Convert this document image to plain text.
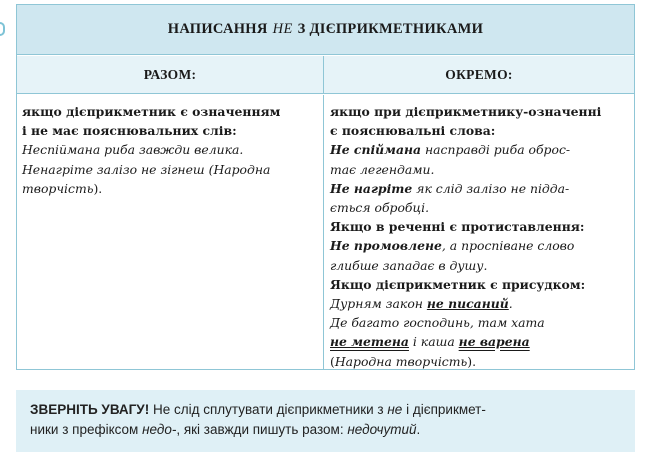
НАПИСАННЯ НЕ З ДІЄПРИКМЕТНИКАМИ
РАЗОМ:	ОКРЕМО:
якщо дієприкметник є означенням
і не має пояснювальних слів:
Неспіймана риба завжди велика.
Ненагріте залізо не зігнеш (Народна
творчість).
якщо при дієприкметнику-означенні
є пояснювальні слова:
Не спіймана насправді риба оброс-
тає легендами.
Не нагріте як слід залізо не підда-
ється обробці.
Якщо в реченні є протиставлення:
Не промовлене, а проспіване слово
глибше западає в душу.
Якщо дієприкметник є присудком:
Дурням закон не писаний.
Де багато господинь, там хата
не метена і каша не варена
(Народна творчість).
ЗВЕРНІТЬ УВАГУ! Не слід сплутувати дієприкметники з не і дієприкмет-
ники з префіксом недо-, які завжди пишуть разом: недочутий.
